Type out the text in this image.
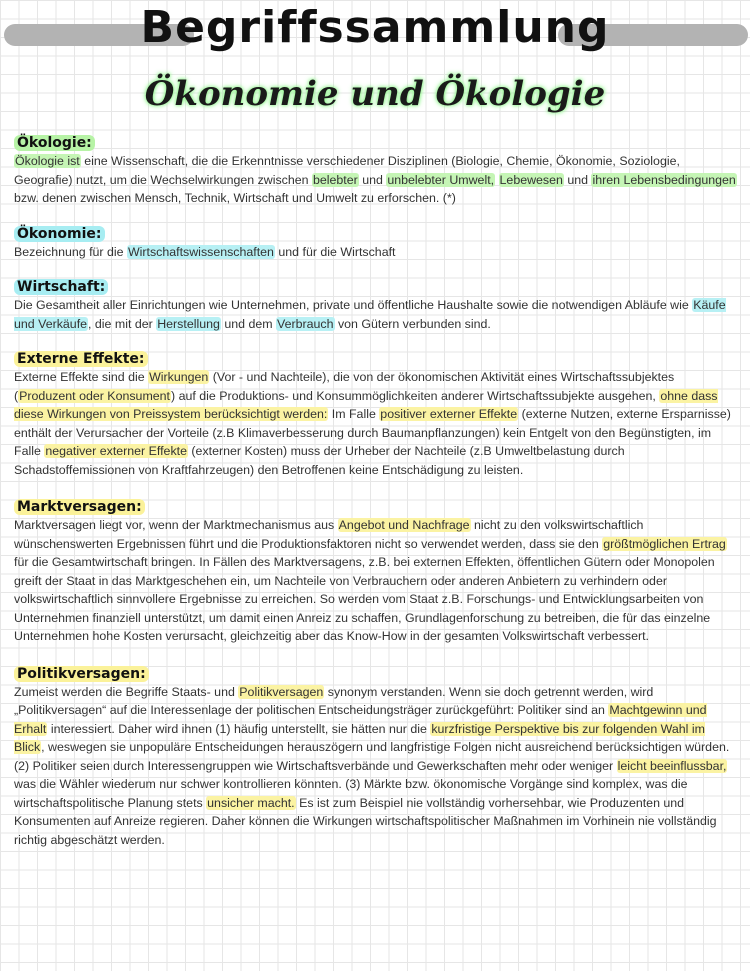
Begriffssammlung
Ökonomie und Ökologie
Ökologie:

Ökologie ist eine Wissenschaft, die die Erkenntnisse verschiedener Disziplinen (Biologie, Chemie, Ökonomie, Soziologie, Geografie) nutzt, um die Wechselwirkungen zwischen belebter und unbelebter Umwelt, Lebewesen und ihren Lebensbedingungen bzw. denen zwischen Mensch, Technik, Wirtschaft und Umwelt zu erforschen. (*)

Ökonomie:

Bezeichnung für die Wirtschaftswissenschaften und für die Wirtschaft

Wirtschaft:

Die Gesamtheit aller Einrichtungen wie Unternehmen, private und öffentliche Haushalte sowie die notwendigen Abläufe wie Käufe und Verkäufe, die mit der Herstellung und dem Verbrauch von Gütern verbunden sind.

Externe Effekte:

Externe Effekte sind die Wirkungen (Vor - und Nachteile), die von der ökonomischen Aktivität eines Wirtschaftssubjektes (Produzent oder Konsument) auf die Produktions- und Konsummöglichkeiten anderer Wirtschaftssubjekte ausgehen, ohne dass diese Wirkungen von Preissystem berücksichtigt werden: Im Falle positiver externer Effekte (externe Nutzen, externe Ersparnisse) enthält der Verursacher der Vorteile (z.B Klimaverbesserung durch Baumanpflanzungen) kein Entgelt von den Begünstigten, im Falle negativer externer Effekte (externer Kosten) muss der Urheber der Nachteile (z.B Umweltbelastung durch Schadstoffemissionen von Kraftfahrzeugen) den Betroffenen keine Entschädigung zu leisten.

Marktversagen:

Marktversagen liegt vor, wenn der Marktmechanismus aus Angebot und Nachfrage nicht zu den volkswirtschaftlich wünschenswerten Ergebnissen führt und die Produktionsfaktoren nicht so verwendet werden, dass sie den größtmöglichen Ertrag für die Gesamtwirtschaft bringen. In Fällen des Marktversagens, z.B. bei externen Effekten, öffentlichen Gütern oder Monopolen greift der Staat in das Marktgeschehen ein, um Nachteile von Verbrauchern oder anderen Anbietern zu verhindern oder volkswirtschaftlich sinnvollere Ergebnisse zu erreichen. So werden vom Staat z.B. Forschungs- und Entwicklungsarbeiten von Unternehmen finanziell unterstützt, um damit einen Anreiz zu schaffen, Grundlagenforschung zu betreiben, die für das einzelne Unternehmen hohe Kosten verursacht, gleichzeitig aber das Know-How in der gesamten Volkswirtschaft verbessert.

Politikversagen:

Zumeist werden die Begriffe Staats- und Politikversagen synonym verstanden. Wenn sie doch getrennt werden, wird „Politikversagen“ auf die Interessenlage der politischen Entscheidungsträger zurückgeführt: Politiker sind an Machtgewinn und Erhalt interessiert. Daher wird ihnen (1) häufig unterstellt, sie hätten nur die kurzfristige Perspektive bis zur folgenden Wahl im Blick, weswegen sie unpopuläre Entscheidungen herauszögern und langfristige Folgen nicht ausreichend berücksichtigen würden. (2) Politiker seien durch Interessengruppen wie Wirtschaftsverbände und Gewerkschaften mehr oder weniger leicht beeinflussbar, was die Wähler wiederum nur schwer kontrollieren könnten. (3) Märkte bzw. ökonomische Vorgänge sind komplex, was die wirtschaftspolitische Planung stets unsicher macht. Es ist zum Beispiel nie vollständig vorhersehbar, wie Produzenten und Konsumenten auf Anreize regieren. Daher können die Wirkungen wirtschaftspolitischer Maßnahmen im Vorhinein nie vollständig richtig abgeschätzt werden.
